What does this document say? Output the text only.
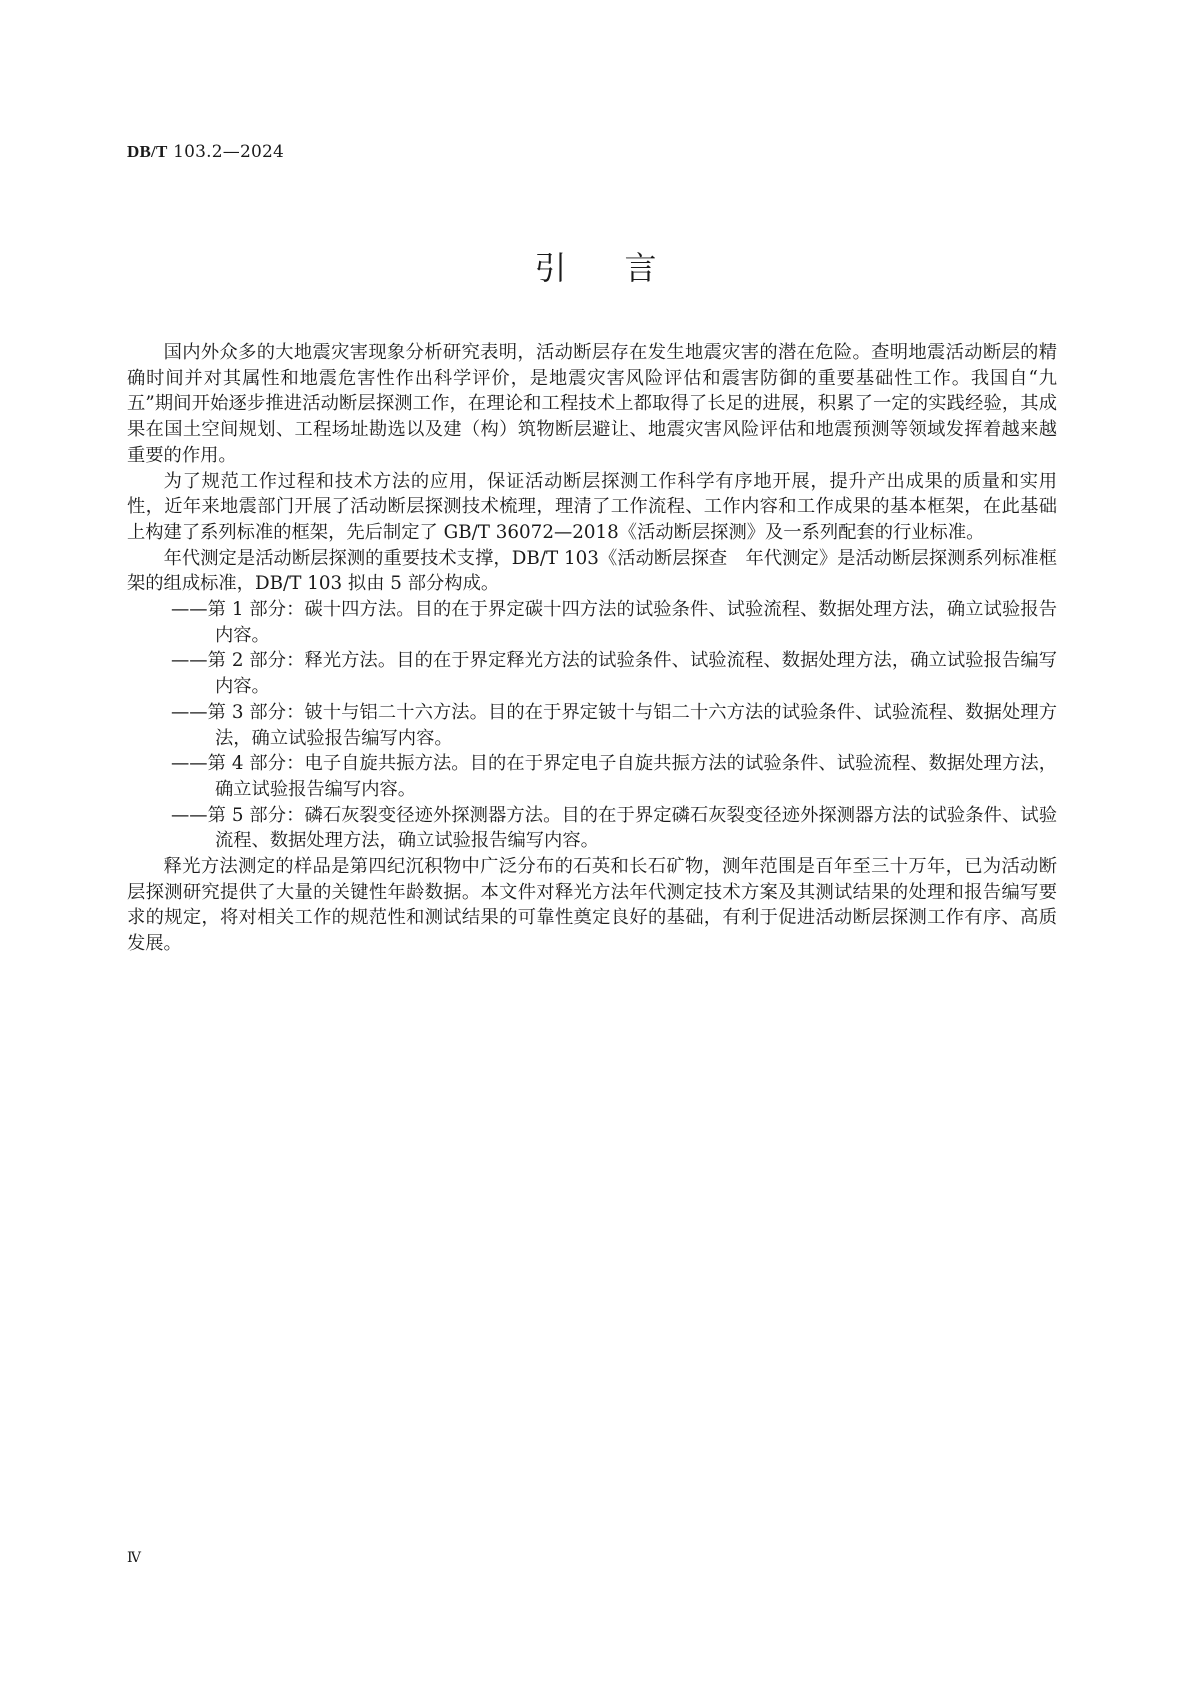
DB/T 103.2—2024
引言

国内外众多的大地震灾害现象分析研究表明，活动断层存在发生地震灾害的潜在危险。查明地震活动断层的精确时间并对其属性和地震危害性作出科学评价，是地震灾害风险评估和震害防御的重要基础性工作。我国自“九五”期间开始逐步推进活动断层探测工作，在理论和工程技术上都取得了长足的进展，积累了一定的实践经验，其成果在国土空间规划、工程场址勘选以及建（构）筑物断层避让、地震灾害风险评估和地震预测等领域发挥着越来越重要的作用。

为了规范工作过程和技术方法的应用，保证活动断层探测工作科学有序地开展，提升产出成果的质量和实用性，近年来地震部门开展了活动断层探测技术梳理，理清了工作流程、工作内容和工作成果的基本框架，在此基础上构建了系列标准的框架，先后制定了 GB/T 36072—2018《活动断层探测》及一系列配套的行业标准。

年代测定是活动断层探测的重要技术支撑，DB/T 103《活动断层探查　年代测定》是活动断层探测系列标准框架的组成标准，DB/T 103 拟由 5 部分构成。

——第 1 部分：碳十四方法。目的在于界定碳十四方法的试验条件、试验流程、数据处理方法，确立试验报告内容。
——第 2 部分：释光方法。目的在于界定释光方法的试验条件、试验流程、数据处理方法，确立试验报告编写内容。
——第 3 部分：铍十与铝二十六方法。目的在于界定铍十与铝二十六方法的试验条件、试验流程、数据处理方法，确立试验报告编写内容。
——第 4 部分：电子自旋共振方法。目的在于界定电子自旋共振方法的试验条件、试验流程、数据处理方法，确立试验报告编写内容。
——第 5 部分：磷石灰裂变径迹外探测器方法。目的在于界定磷石灰裂变径迹外探测器方法的试验条件、试验流程、数据处理方法，确立试验报告编写内容。

释光方法测定的样品是第四纪沉积物中广泛分布的石英和长石矿物，测年范围是百年至三十万年，已为活动断层探测研究提供了大量的关键性年龄数据。本文件对释光方法年代测定技术方案及其测试结果的处理和报告编写要求的规定，将对相关工作的规范性和测试结果的可靠性奠定良好的基础，有利于促进活动断层探测工作有序、高质发展。

Ⅳ
